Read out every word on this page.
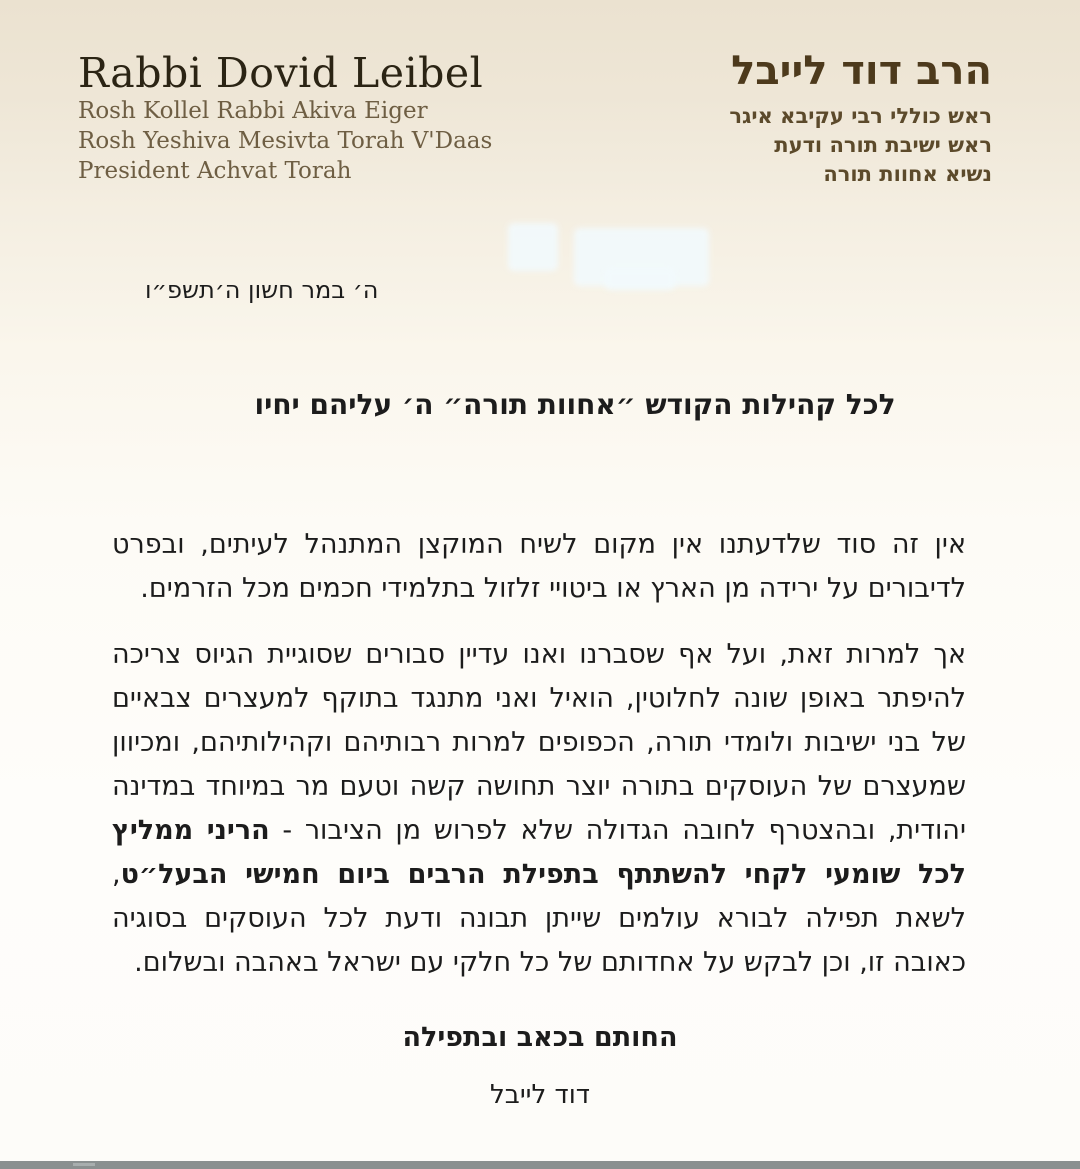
Rabbi Dovid Leibel
Rosh Kollel Rabbi Akiva Eiger
Rosh Yeshiva Mesivta Torah V'Daas
President Achvat Torah
הרב דוד לייבל
ראש כוללי רבי עקיבא איגר
ראש ישיבת תורה ודעת
נשיא אחוות תורה
ה׳ במר חשון ה׳תשפ״ו
לכל קהילות הקודש ״אחוות תורה״ ה׳ עליהם יחיו

אין זה סוד שלדעתנו אין מקום לשיח המוקצן המתנהל לעיתים, ובפרט לדיבורים על ירידה מן הארץ או ביטויי זלזול בתלמידי חכמים מכל הזרמים.

אך למרות זאת, ועל אף שסברנו ואנו עדיין סבורים שסוגיית הגיוס צריכה להיפתר באופן שונה לחלוטין, הואיל ואני מתנגד בתוקף למעצרים צבאיים של בני ישיבות ולומדי תורה, הכפופים למרות רבותיהם וקהילותיהם, ומכיוון שמעצרם של העוסקים בתורה יוצר תחושה קשה וטעם מר במיוחד במדינה יהודית, ובהצטרף לחובה הגדולה שלא לפרוש מן הציבור - הריני ממליץ לכל שומעי לקחי להשתתף בתפילת הרבים ביום חמישי הבעל״ט, לשאת תפילה לבורא עולמים שייתן תבונה ודעת לכל העוסקים בסוגיה כאובה זו, וכן לבקש על אחדותם של כל חלקי עם ישראל באהבה ובשלום.

החותם בכאב ובתפילה
דוד לייבל
